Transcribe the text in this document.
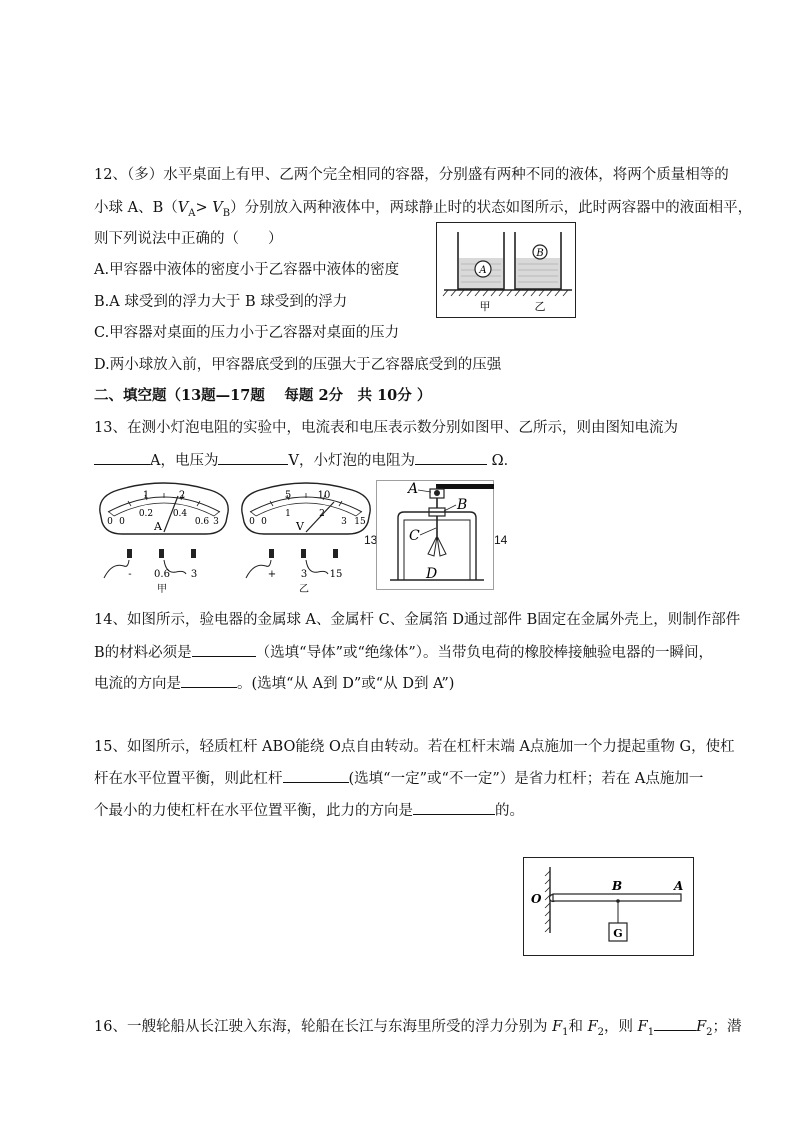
12、（多）水平桌面上有甲、乙两个完全相同的容器，分别盛有两种不同的液体，将两个质量相等的
小球 A、$B(V_A> V_B)$分别放入两种液体中，两球静止时的状态如图所示，此时两容器中的液面相平，
则下列说法中正确的（　　）
A.甲容器中液体的密度小于乙容器中液体的密度
B.A 球受到的浮力大于 B 球受到的浮力
C.甲容器对桌面的压力小于乙容器对桌面的压力
D.两小球放入前，甲容器底受到的压强大于乙容器底受到的压强
A
B
甲	乙
二、填空题（13题—17题　 每题 2分　共 10分 ）
13、在测小灯泡电阻的实验中，电流表和电压表示数分别如图甲、乙所示，则由图知电流为
A，电压为	V，小灯泡的电阻为	Ω．
1	2
0
0.2 0.4
0.6
0	3
A
- 0.6 3
甲
5	10
0
1	2
3
0	15
V
+ 3 15
乙
13	14
A
B
C
D
14、如图所示，验电器的金属球 A、金属杆 C、金属箔 D通过部件 B固定在金属外壳上，则制作部件
B的材料必须是	（选填“导体”或“绝缘体”）。当带负电荷的橡胶棒接触验电器的一瞬间，
电流的方向是	。(选填“从 A到 D”或“从 D到 A”)
15、如图所示，轻质杠杆 ABO能绕 O点自由转动。若在杠杆末端 A点施加一个力提起重物 G，使杠
杆在水平位置平衡，则此杠杆	(选填“一定”或“不一定”）是省力杠杆；若在 A点施加一
个最小的力使杠杆在水平位置平衡，此力的方向是	的。
G
O
B	A
16、一艘轮船从长江驶入东海，轮船在长江与东海里所受的浮力分别为 $F_1$和 $F_2$，则 $F_1$	$F_2$；潜
